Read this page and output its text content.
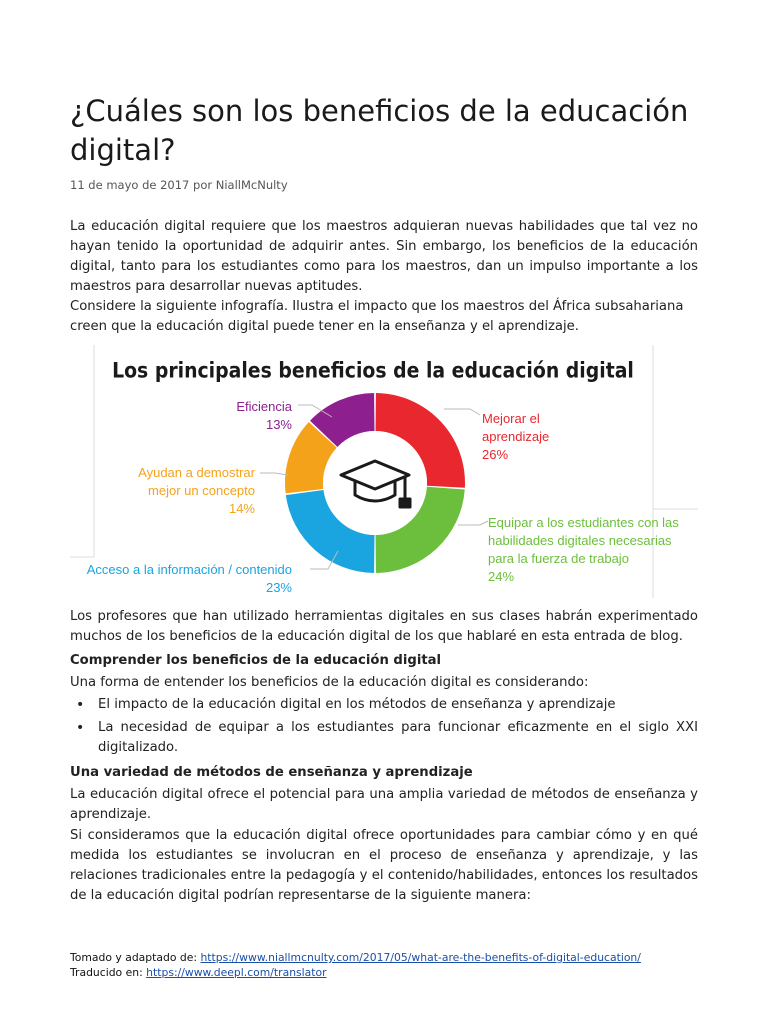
¿Cuáles son los beneficios de la educación digital?
11 de mayo de 2017 por NiallMcNulty
La educación digital requiere que los maestros adquieran nuevas habilidades que tal vez no hayan tenido la oportunidad de adquirir antes. Sin embargo, los beneficios de la educación digital, tanto para los estudiantes como para los maestros, dan un impulso importante a los maestros para desarrollar nuevas aptitudes.
Considere la siguiente infografía. Ilustra el impacto que los maestros del África subsahariana creen que la educación digital puede tener en la enseñanza y el aprendizaje.
Los principales beneficios de la educación digital
Mejorar el aprendizaje 26%
Equipar a los estudiantes con las habilidades digitales necesarias para la fuerza de trabajo 24%
Acceso a la información / contenido 23%
Ayudan a demostrar mejor un concepto 14%
Eficiencia 13%
Los profesores que han utilizado herramientas digitales en sus clases habrán experimentado muchos de los beneficios de la educación digital de los que hablaré en esta entrada de blog.
Comprender los beneficios de la educación digital
Una forma de entender los beneficios de la educación digital es considerando:
• El impacto de la educación digital en los métodos de enseñanza y aprendizaje
• La necesidad de equipar a los estudiantes para funcionar eficazmente en el siglo XXI digitalizado.
Una variedad de métodos de enseñanza y aprendizaje
La educación digital ofrece el potencial para una amplia variedad de métodos de enseñanza y aprendizaje.
Si consideramos que la educación digital ofrece oportunidades para cambiar cómo y en qué medida los estudiantes se involucran en el proceso de enseñanza y aprendizaje, y las relaciones tradicionales entre la pedagogía y el contenido/habilidades, entonces los resultados de la educación digital podrían representarse de la siguiente manera:
Tomado y adaptado de: https://www.niallmcnulty.com/2017/05/what-are-the-benefits-of-digital-education/
Traducido en: https://www.deepl.com/translator
